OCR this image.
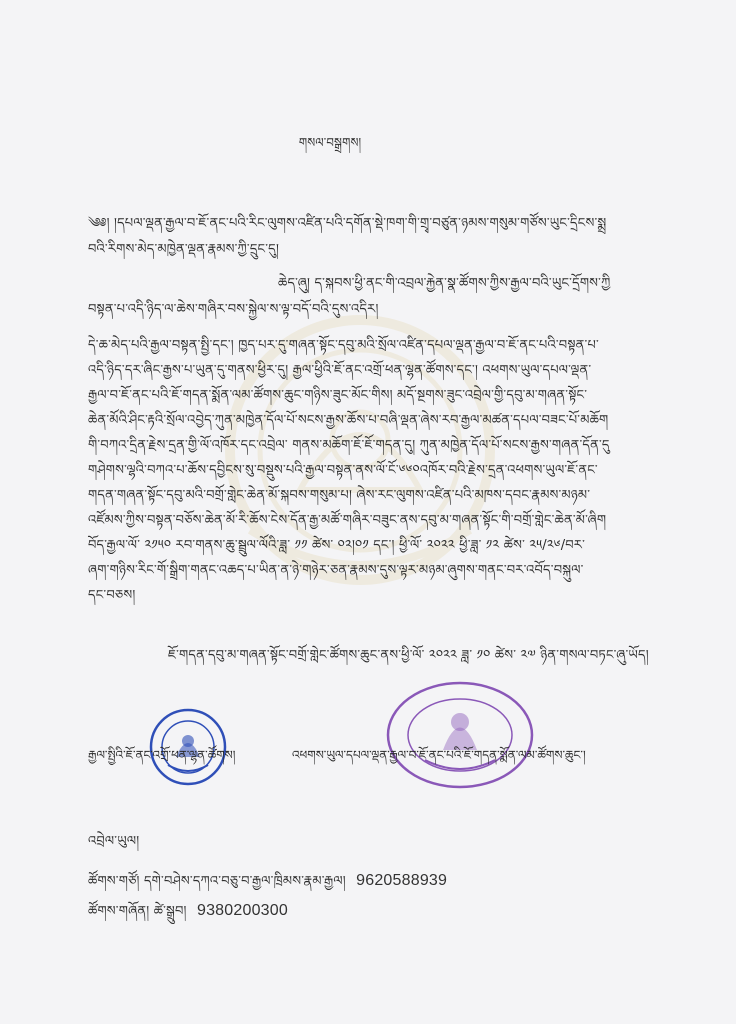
གསལ་བསྒྲགས།
༄༅། །དཔལ་ལྡན་རྒྱལ་བ་ཇོ་ནང་པའི་རིང་ལུགས་འཛིན་པའི་དགོན་སྡེ་ཁག་གི་གྲྭ་བཙུན་ཉམས་གསུམ་གཙོས་ཡུང་དྲིངས་སྨྲ
བའི་རིགས་མེད་མཁྱེན་ལྡན་རྣམས་ཀྱི་དྲུང་དུ།
ཆེད་ཞུ། ད་སྐབས་ཕྱི་ནང་གི་འབྲལ་རྐྱེན་སྣ་ཚོགས་ཀྱིས་རྒྱལ་བའི་ཡུང་དྲོགས་ཀྱི
བསྟན་པ་འདི་ཉིད་ལ་ཆེས་གཞིར་བས་སྐྱེལ་ས་ལྟ་བདོ་བའི་དུས་འདིར།
དེ་ཆ་མེད་པའི་རྒྱལ་བསྟན་སྤྱི་དང་། ཁྱད་པར་དུ་གཞན་སྟོང་དབུ་མའི་སྲོལ་འཛིན་དཔལ་ལྡན་རྒྱལ་བ་ཇོ་ནང་པའི་བསྟན་པ་
འདི་ཉིད་དར་ཞིང་རྒྱས་པ་ཡུན་དུ་གནས་ཕྱིར་དུ། རྒྱལ་ཕྱིའི་ཇོ་ནང་འགྲོ་ཕན་ལྷན་ཚོགས་དང་། འཕགས་ཡུལ་དཔལ་ལྡན་
རྒྱལ་བ་ཇོ་ནང་པའི་ཇོ་གདན་སྨོན་ལམ་ཚོགས་ཆུང་གཉིས་ཟུང་མོང་གིས། མདོ་སྔགས་ཟུང་འབྲེལ་གྱི་དབུ་མ་གཞན་སྟོང་
ཆེན་མོའི་ཤིང་རྟའི་སྲོལ་འབྱེད་ཀུན་མཁྱེན་དོལ་པོ་སངས་རྒྱས་ཆོས་པ་བཞི་ལྡན་ཞེས་རབ་རྒྱལ་མཚན་དཔལ་བཟང་པོ་མཆོག
གི་བཀའ་དྲིན་རྗེས་དྲན་གྱི་ལོ་འཁོར་དང་འབྲེལ་ གནས་མཆོག་ཇོ་ཇོ་གདན་དུ། ཀུན་མཁྱེན་དོལ་པོ་སངས་རྒྱས་གཞན་དོན་དུ
གཤེགས་ལྷའི་བཀའ་པ་ཆོས་དབྱིངས་སུ་བསྡུས་པའི་རྒྱལ་བསྟན་ནས་ལོ་ངོ་༦༦༠འཁོར་བའི་རྗེས་དྲན་འཕགས་ཡུལ་ཇོ་ནང་
གདན་གཞན་སྟོང་དབུ་མའི་བགྲོ་གླེང་ཆེན་མོ་སྐབས་གསུམ་པ། ཞེས་རང་ལུགས་འཛིན་པའི་མཁས་དབང་རྣམས་མཉམ་
འཛོམས་ཀྱིས་བསྟན་བཅོས་ཆེན་མོ་རི་ཆོས་ངེས་དོན་རྒྱ་མཚོ་གཞིར་བཟུང་ནས་དབུ་མ་གཞན་སྟོང་གི་བགྲོ་གླེང་ཆེན་མོ་ཞིག
བོད་རྒྱལ་ལོ་ ༢༡༥༠ རབ་གནས་ཆུ་སྦྲུལ་ལོའི་ཟླ་ ༡༡ ཚེས་ ༠༢།༠༡ དང་། ཕྱི་ལོ་ ༢༠༢༢ ཕྱི་ཟླ་ ༡༢ ཚེས་ ༢༥/༢༦/བར་
ཞག་གཉིས་རིང་གོ་སྒྲིག་གནང་འཆད་པ་ཡིན་ན་ཉེ་གཉེར་ཅན་རྣམས་དུས་ལྟར་མཉམ་ཞུགས་གནང་བར་འབོད་བསྐུལ་
དང་བཅས།
ཇོ་གདན་དབུ་མ་གཞན་སྟོང་བགྲོ་གླེང་ཚོགས་ཆུང་ནས་ཕྱི་ལོ་ ༢༠༢༢ ཟླ་ ༡༠ ཚེས་ ༢༧ ཉིན་གསལ་བཏང་ཞུ་ཡོད།
རྒྱལ་སྤྱིའི་ཇོ་ནང་འགྲོ་ཕན་ལྷན་ཚོགས།	འཕགས་ཡུལ་དཔལ་ལྡན་རྒྱལ་བ་ཇོ་ནང་པའི་ཇོ་གདན་སྨོན་ལམ་ཚོགས་ཆུང་།
འབྲེལ་ཡུལ།
ཚོགས་གཙོ། དགེ་བཤེས་དཀའ་བཅུ་བ་རྒྱལ་ཁྲིམས་རྣམ་རྒྱལ། 9620588939
ཚོགས་གཞོན། ཚེ་སྒྲུབ། 9380200300
